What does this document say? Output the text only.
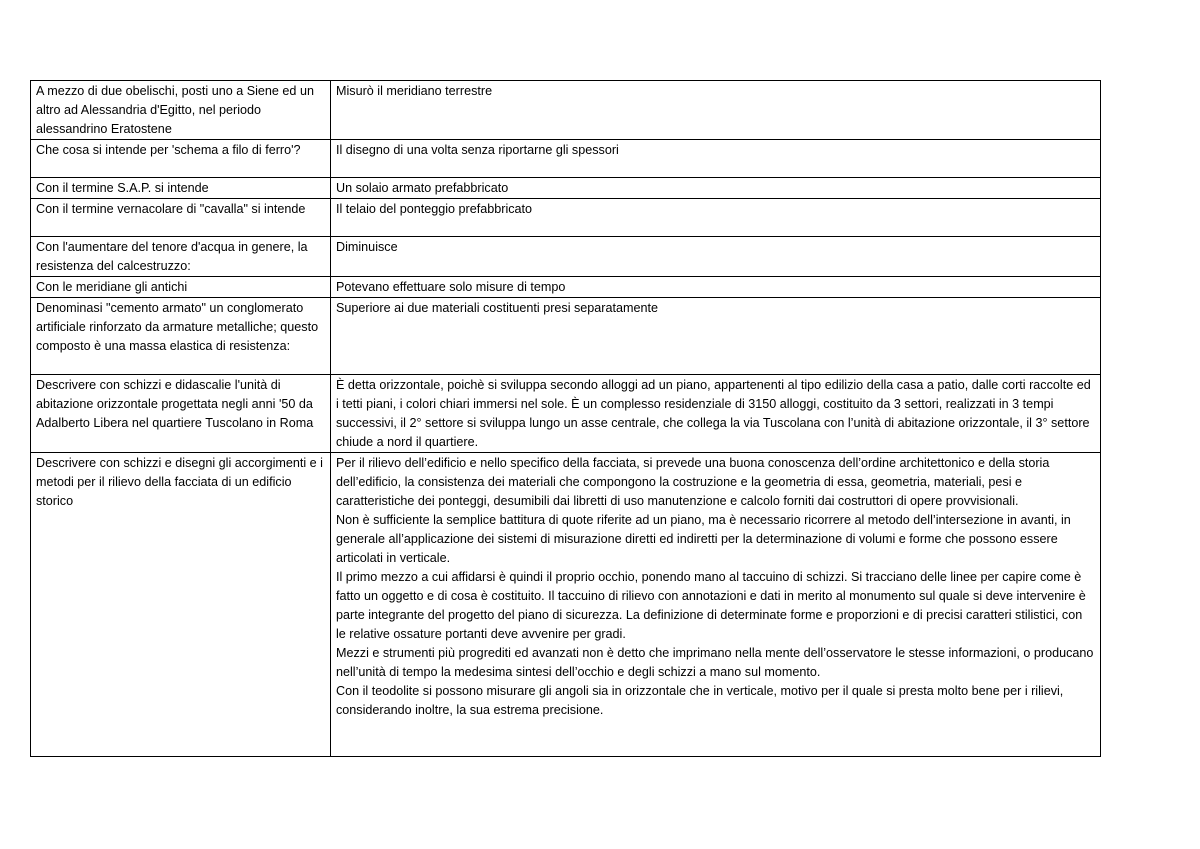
A mezzo di due obelischi, posti uno a Siene ed un altro ad Alessandria d'Egitto, nel periodo alessandrino Eratostene	Misurò il meridiano terrestre
Che cosa si intende per 'schema a filo di ferro'?	Il disegno di una volta senza riportarne gli spessori
Con il termine S.A.P. si intende	Un solaio armato prefabbricato
Con il termine vernacolare di "cavalla" si intende	Il telaio del ponteggio prefabbricato
Con l'aumentare del tenore d'acqua in genere, la resistenza del calcestruzzo:	Diminuisce
Con le meridiane gli antichi	Potevano effettuare solo misure di tempo
Denominasi "cemento armato" un conglomerato artificiale rinforzato da armature metalliche; questo composto è una massa elastica di resistenza:	Superiore ai due materiali costituenti presi separatamente
Descrivere con schizzi e didascalie l'unità di abitazione orizzontale progettata negli anni '50 da Adalberto Libera nel quartiere Tuscolano in Roma	È detta orizzontale, poichè si sviluppa secondo alloggi ad un piano, appartenenti al tipo edilizio della casa a patio, dalle corti raccolte ed i tetti piani, i colori chiari immersi nel sole. È un complesso residenziale di 3150 alloggi, costituito da 3 settori, realizzati in 3 tempi successivi, il 2° settore si sviluppa lungo un asse centrale, che collega la via Tuscolana con l’unità di abitazione orizzontale, il 3° settore chiude a nord il quartiere.
Descrivere con schizzi e disegni gli accorgimenti e i metodi per il rilievo della facciata di un edificio storico	Per il rilievo dell’edificio e nello specifico della facciata, si prevede una buona conoscenza dell’ordine architettonico e della storia dell’edificio, la consistenza dei materiali che compongono la costruzione e la geometria di essa, geometria, materiali, pesi e caratteristiche dei ponteggi, desumibili dai libretti di uso manutenzione e calcolo forniti dai costruttori di opere provvisionali.
Non è sufficiente la semplice battitura di quote riferite ad un piano, ma è necessario ricorrere al metodo dell’intersezione in avanti, in generale all’applicazione dei sistemi di misurazione diretti ed indiretti per la determinazione di volumi e forme che possono essere articolati in verticale.
Il primo mezzo a cui affidarsi è quindi il proprio occhio, ponendo mano al taccuino di schizzi. Si tracciano delle linee per capire come è fatto un oggetto e di cosa è costituito. Il taccuino di rilievo con annotazioni e dati in merito al monumento sul quale si deve intervenire è parte integrante del progetto del piano di sicurezza. La definizione di determinate forme e proporzioni e di precisi caratteri stilistici, con le relative ossature portanti deve avvenire per gradi.
Mezzi e strumenti più progrediti ed avanzati non è detto che imprimano nella mente dell’osservatore le stesse informazioni, o producano nell’unità di tempo la medesima sintesi dell’occhio e degli schizzi a mano sul momento.
Con il teodolite si possono misurare gli angoli sia in orizzontale che in verticale, motivo per il quale si presta molto bene per i rilievi, considerando inoltre, la sua estrema precisione.
